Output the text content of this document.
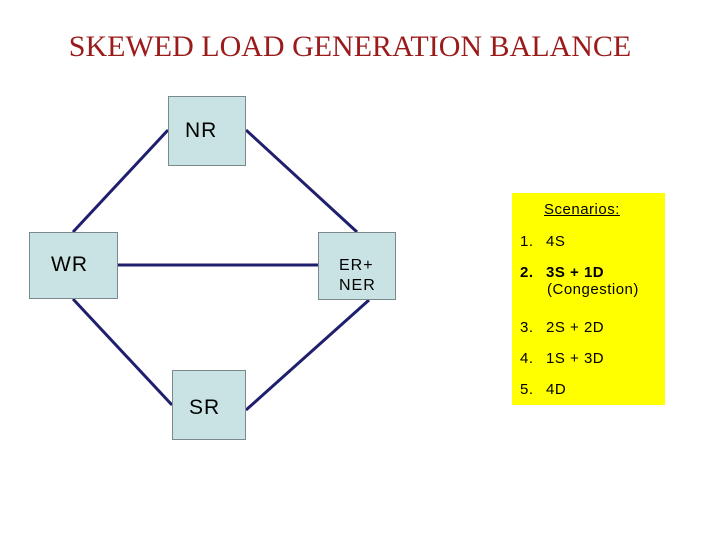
SKEWED LOAD GENERATION BALANCE
NR
WR	ER+
NER
SR
Scenarios:
1. 4S
2. 3S + 1D
(Congestion)
3. 2S + 2D
4. 1S + 3D
5. 4D
